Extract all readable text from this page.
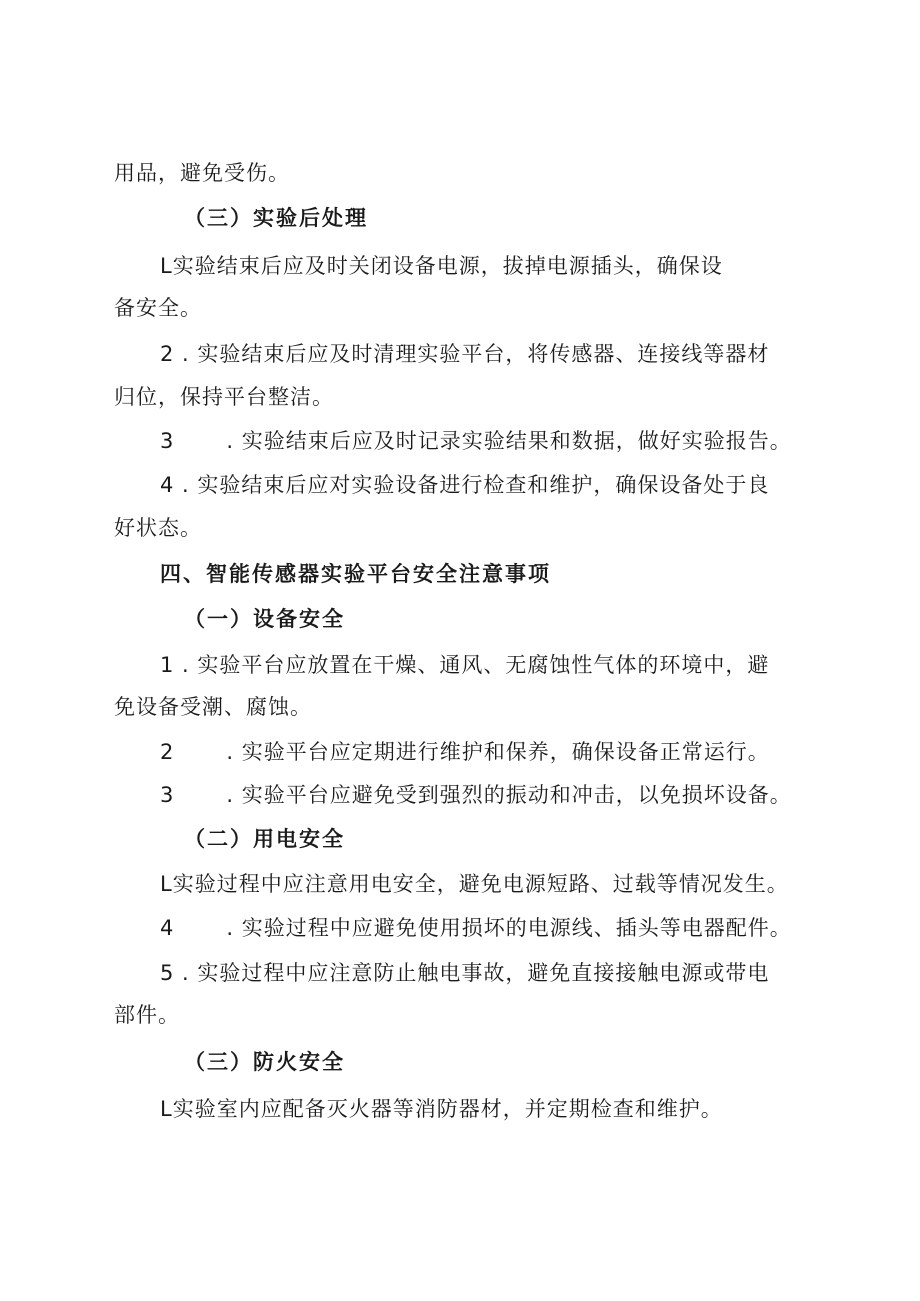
用品，避免受伤。
（三）实验后处理
L实验结束后应及时关闭设备电源，拔掉电源插头，确保设
备安全。
2 . 实验结束后应及时清理实验平台，将传感器、连接线等器材
归位，保持平台整洁。
3 . 实验结束后应及时记录实验结果和数据，做好实验报告。
4 . 实验结束后应对实验设备进行检查和维护，确保设备处于良
好状态。
四、智能传感器实验平台安全注意事项
（一）设备安全
1 . 实验平台应放置在干燥、通风、无腐蚀性气体的环境中，避
免设备受潮、腐蚀。
2 . 实验平台应定期进行维护和保养，确保设备正常运行。
3 . 实验平台应避免受到强烈的振动和冲击，以免损坏设备。
（二）用电安全
L实验过程中应注意用电安全，避免电源短路、过载等情况发生。
4 . 实验过程中应避免使用损坏的电源线、插头等电器配件。
5 . 实验过程中应注意防止触电事故，避免直接接触电源或带电
部件。
（三）防火安全
L实验室内应配备灭火器等消防器材，并定期检查和维护。
